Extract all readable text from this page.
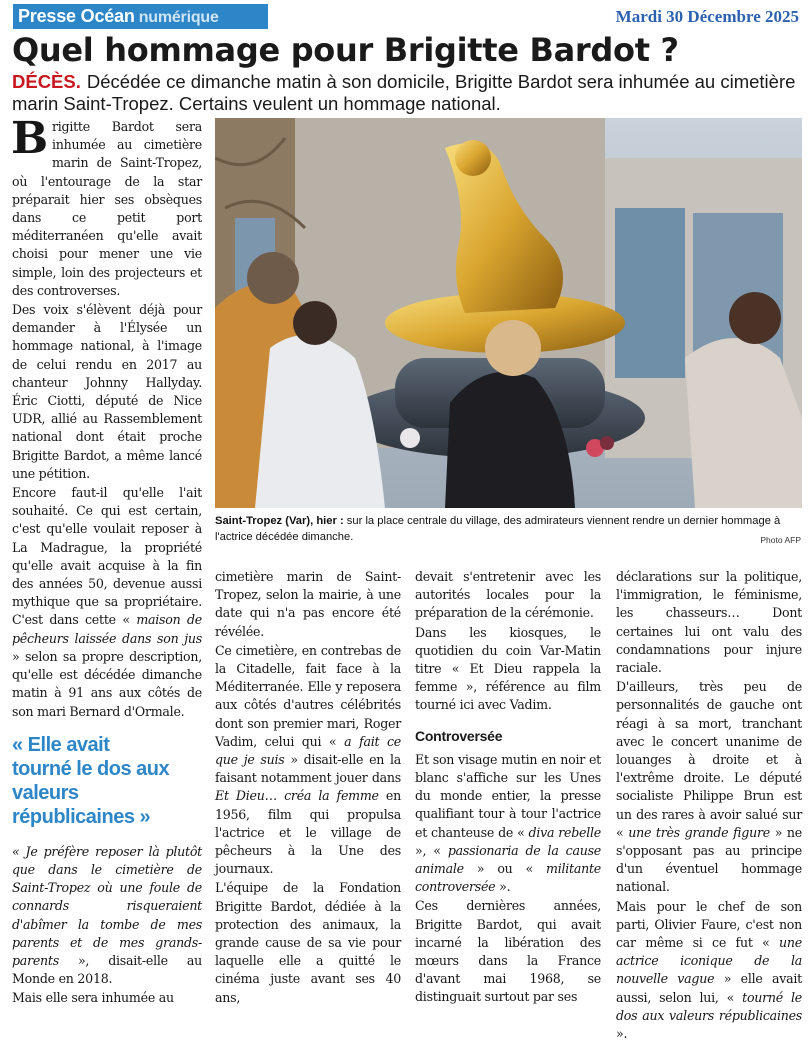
Presse Océan numérique	Mardi 30 Décembre 2025
Quel hommage pour Brigitte Bardot ?
DÉCÈS. Décédée ce dimanche matin à son domicile, Brigitte Bardot sera inhumée au cimetière marin Saint-Tropez. Certains veulent un hommage national.
Saint-Tropez (Var), hier : sur la place centrale du village, des admirateurs viennent rendre un dernier hommage à l'actrice décédée dimanche.	Photo AFP

Brigitte Bardot sera inhumée au cimetière marin de Saint-Tropez, où l'entourage de la star préparait hier ses obsèques dans ce petit port méditerranéen qu'elle avait choisi pour mener une vie simple, loin des projecteurs et des controverses.

Des voix s'élèvent déjà pour demander à l'Élysée un hommage national, à l'image de celui rendu en 2017 au chanteur Johnny Hallyday. Éric Ciotti, député de Nice UDR, allié au Rassemblement national dont était proche Brigitte Bardot, a même lancé une pétition.

Encore faut-il qu'elle l'ait souhaité. Ce qui est certain, c'est qu'elle voulait reposer à La Madrague, la propriété qu'elle avait acquise à la fin des années 50, devenue aussi mythique que sa propriétaire. C'est dans cette « maison de pêcheurs laissée dans son jus » selon sa propre description, qu'elle est décédée dimanche matin à 91 ans aux côtés de son mari Bernard d'Ormale.

« Elle avait tourné le dos aux valeurs républicaines »

« Je préfère reposer là plutôt que dans le cimetière de Saint-Tropez où une foule de connards risqueraient d'abîmer la tombe de mes parents et de mes grands-parents », disait-elle au Monde en 2018.

Mais elle sera inhumée au

cimetière marin de Saint-Tropez, selon la mairie, à une date qui n'a pas encore été révélée.

Ce cimetière, en contrebas de la Citadelle, fait face à la Méditerranée. Elle y reposera aux côtés d'autres célébrités dont son premier mari, Roger Vadim, celui qui « a fait ce que je suis » disait-elle en la faisant notamment jouer dans Et Dieu… créa la femme en 1956, film qui propulsa l'actrice et le village de pêcheurs à la Une des journaux.

L'équipe de la Fondation Brigitte Bardot, dédiée à la protection des animaux, la grande cause de sa vie pour laquelle elle a quitté le cinéma juste avant ses 40 ans,

devait s'entretenir avec les autorités locales pour la préparation de la cérémonie.

Dans les kiosques, le quotidien du coin Var-Matin titre « Et Dieu rappela la femme », référence au film tourné ici avec Vadim.

Controversée

Et son visage mutin en noir et blanc s'affiche sur les Unes du monde entier, la presse qualifiant tour à tour l'actrice et chanteuse de « diva rebelle », « passionaria de la cause animale » ou « militante controversée ».

Ces dernières années, Brigitte Bardot, qui avait incarné la libération des mœurs dans la France d'avant mai 1968, se distinguait surtout par ses

déclarations sur la politique, l'immigration, le féminisme, les chasseurs… Dont certaines lui ont valu des condamnations pour injure raciale.

D'ailleurs, très peu de personnalités de gauche ont réagi à sa mort, tranchant avec le concert unanime de louanges à droite et à l'extrême droite. Le député socialiste Philippe Brun est un des rares à avoir salué sur « une très grande figure » ne s'opposant pas au principe d'un éventuel hommage national.

Mais pour le chef de son parti, Olivier Faure, c'est non car même si ce fut « une actrice iconique de la nouvelle vague » elle avait aussi, selon lui, « tourné le dos aux valeurs républicaines ».
